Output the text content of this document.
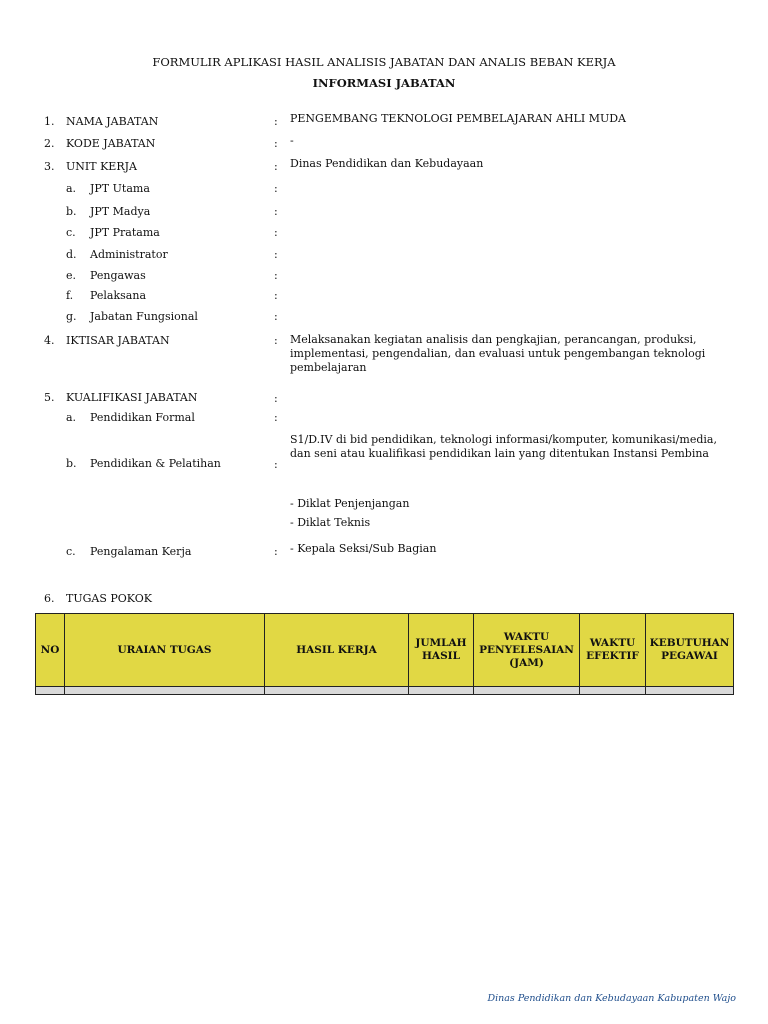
FORMULIR APLIKASI HASIL ANALISIS JABATAN DAN ANALIS BEBAN KERJA
INFORMASI JABATAN
1. NAMA JABATAN	: PENGEMBANG TEKNOLOGI PEMBELAJARAN AHLI MUDA
2. KODE JABATAN	: -
3. UNIT KERJA	: Dinas Pendidikan dan Kebudayaan
a. JPT Utama	:
b. JPT Madya	:
c. JPT Pratama	:
d. Administrator	:
e. Pengawas	:
f. Pelaksana	:
g. Jabatan Fungsional	:
4. IKTISAR JABATAN	: Melaksanakan kegiatan analisis dan pengkajian, perancangan, produksi, implementasi, pengendalian, dan evaluasi untuk pengembangan teknologi pembelajaran
5. KUALIFIKASI JABATAN	:
a. Pendidikan Formal	:
S1/D.IV di bid pendidikan, teknologi informasi/komputer, komunikasi/media, dan seni atau kualifikasi pendidikan lain yang ditentukan Instansi Pembina
b. Pendidikan & Pelatihan	:
- Diklat Penjenjangan
- Diklat Teknis
c. Pengalaman Kerja	: - Kepala Seksi/Sub Bagian
6. TUGAS POKOK
NO	URAIAN TUGAS	HASIL KERJA	JUMLAH HASIL	WAKTU PENYELESAIAN (JAM)	WAKTU EFEKTIF	KEBUTUHAN PEGAWAI

Dinas Pendidikan dan Kebudayaan Kabupaten Wajo
